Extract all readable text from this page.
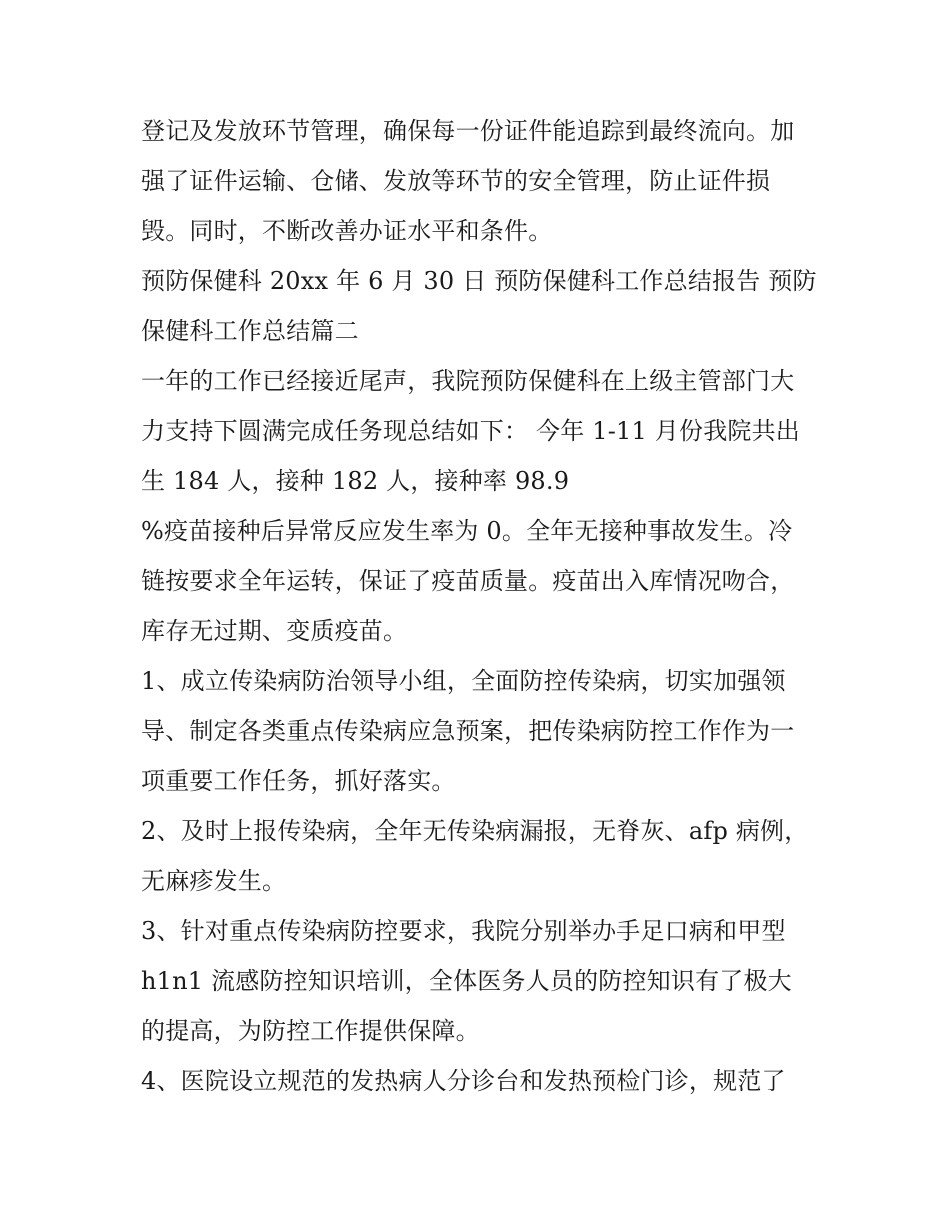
登记及发放环节管理，确保每一份证件能追踪到最终流向。加
强了证件运输、仓储、发放等环节的安全管理，防止证件损
毁。同时，不断改善办证水平和条件。
预防保健科 20xx 年 6 月 30 日 预防保健科工作总结报告 预防
保健科工作总结篇二
一年的工作已经接近尾声，我院预防保健科在上级主管部门大
力支持下圆满完成任务现总结如下： 今年 1-11 月份我院共出
生 184 人，接种 182 人，接种率 98.9
%疫苗接种后异常反应发生率为 0。全年无接种事故发生。冷
链按要求全年运转，保证了疫苗质量。疫苗出入库情况吻合，
库存无过期、变质疫苗。
1、成立传染病防治领导小组，全面防控传染病，切实加强领
导、制定各类重点传染病应急预案，把传染病防控工作作为一
项重要工作任务，抓好落实。
2、及时上报传染病，全年无传染病漏报，无脊灰、afp 病例，
无麻疹发生。
3、针对重点传染病防控要求，我院分别举办手足口病和甲型
h1n1 流感防控知识培训，全体医务人员的防控知识有了极大
的提高，为防控工作提供保障。
4、医院设立规范的发热病人分诊台和发热预检门诊，规范了
